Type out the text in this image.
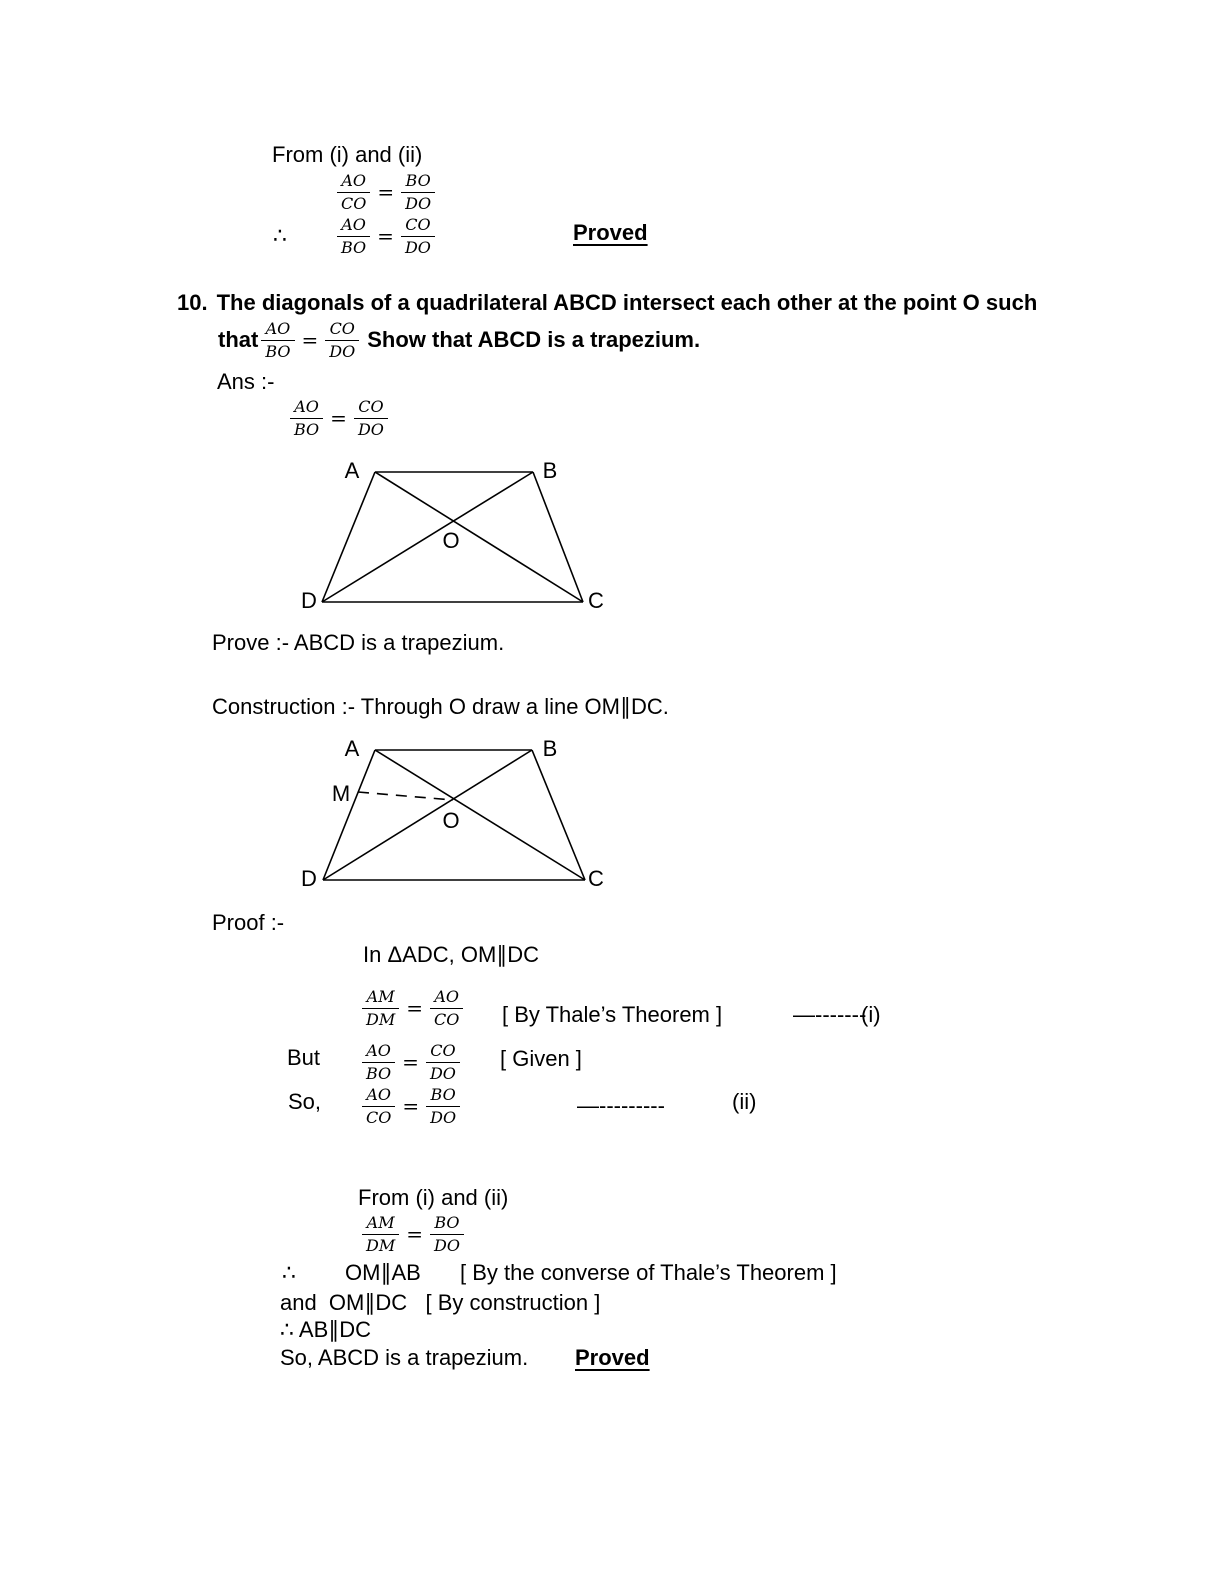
From (i) and (ii)
$\frac{AO}{CO} = \frac{BO}{DO}$
∴	$\frac{AO}{BO} = \frac{CO}{DO}$	Proved
10. The diagonals of a quadrilateral ABCD intersect each other at the point O such
that $\frac{AO}{BO} = \frac{CO}{DO}$ Show that ABCD is a trapezium.
Ans :-
$\frac{AO}{BO} = \frac{CO}{DO}$
A	B
D	C
O
Prove :- ABCD is a trapezium.
Construction :- Through O draw a line OM∥DC.
A	B
M
D	C
O
Proof :-
In ΔADC, OM∥DC
$\frac{AM}{DM} = \frac{AO}{CO}$ [ By Thale’s Theorem ]	—-------
(i)
But	$\frac{AO}{BO} = \frac{CO}{DO}$ [ Given ]
So,	$\frac{AO}{CO} = \frac{BO}{DO}$	—---------	(ii)
From (i) and (ii)
$\frac{AM}{DM} = \frac{BO}{DO}$
∴ OM∥AB [ By the converse of Thale’s Theorem ]
and  OM∥DC   [ By construction ]
∴ AB∥DC
So, ABCD is a trapezium. Proved
